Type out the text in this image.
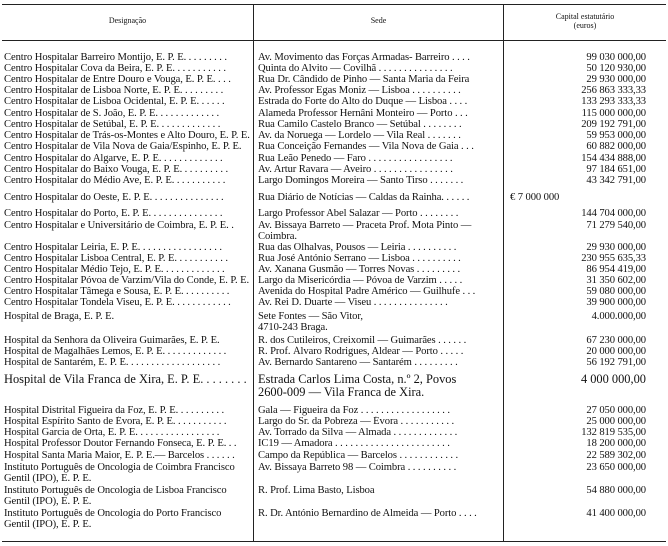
Designação	Sede	Capital estatutário
(euros)
Centro Hospitalar Barreiro Montijo, E. P. E. . . . . . . . .	Av. Movimento das Forças Armadas- Barreiro . . . .	99 030 000,00
Centro Hospitalar Cova da Beira, E. P. E. . . . . . . . . . .	Quinta do Alvito — Covilhã . . . . . . . . . . . . . . .	50 120 930,00
Centro Hospitalar de Entre Douro e Vouga, E. P. E. . . .	Rua Dr. Cândido de Pinho — Santa Maria da Feira	29 930 000,00
Centro Hospitalar de Lisboa Norte, E. P. E. . . . . . . . .	Av. Professor Egas Moniz — Lisboa . . . . . . . . . .	256 863 333,33
Centro Hospitalar de Lisboa Ocidental, E. P. E. . . . . .	Estrada do Forte do Alto do Duque — Lisboa . . . .	133 293 333,33
Centro Hospitalar de S. João, E. P. E. . . . . . . . . . . . .	Alameda Professor Hernâni Monteiro — Porto . . .	115 000 000,00
Centro Hospitalar de Setúbal, E. P. E. . . . . . . . . . . . .	Rua Camilo Castelo Branco — Setúbal . . . . . . . .	209 192 791,00
Centro Hospitalar de Trás-os-Montes e Alto Douro, E. P. E. Av. da Noruega — Lordelo — Vila Real . . . . . . .	59 953 000,00
Centro Hospitalar de Vila Nova de Gaia/Espinho, E. P. E.	Rua Conceição Fernandes — Vila Nova de Gaia . . .	60 882 000,00
Centro Hospitalar do Algarve, E. P. E. . . . . . . . . . . . .	Rua Leão Penedo — Faro . . . . . . . . . . . . . . . . .	154 434 888,00
Centro Hospitalar do Baixo Vouga, E. P. E. . . . . . . . . .	Av. Artur Ravara — Aveiro . . . . . . . . . . . . . . . .	97 184 651,00
Centro Hospitalar do Médio Ave, E. P. E. . . . . . . . . . .	Largo Domingos Moreira — Santo Tirso . . . . . . .	43 342 791,00
Centro Hospitalar do Oeste, E. P. E. . . . . . . . . . . . . . .	Rua Diário de Notícias — Caldas da Rainha. . . . . .	€ 7 000 000
Centro Hospitalar do Porto, E. P. E. . . . . . . . . . . . . . .	Largo Professor Abel Salazar — Porto . . . . . . . .	144 704 000,00
Centro Hospitalar e Universitário de Coimbra, E. P. E. .	Av. Bissaya Barreto — Praceta Prof. Mota Pinto —
Coimbra.
71 279 540,00
Centro Hospitalar Leiria, E. P. E. . . . . . . . . . . . . . . . .	Rua das Olhalvas, Pousos — Leiria . . . . . . . . . .	29 930 000,00
Centro Hospitalar Lisboa Central, E. P. E. . . . . . . . . . .	Rua José António Serrano — Lisboa . . . . . . . . . .	230 955 635,33
Centro Hospitalar Médio Tejo, E. P. E. . . . . . . . . . . . .	Av. Xanana Gusmão — Torres Novas . . . . . . . . .	86 954 419,00
Centro Hospitalar Póvoa de Varzim/Vila do Conde, E. P. E. Largo da Misericórdia — Póvoa de Varzim . . . . .	31 350 602,00
Centro Hospitalar Tâmega e Sousa, E. P. E. . . . . . . . . .	Avenida do Hospital Padre Américo — Guilhufe . . .	59 080 000,00
Centro Hospitalar Tondela Viseu, E. P. E. . . . . . . . . . . .	Av. Rei D. Duarte — Viseu . . . . . . . . . . . . . . .	39 900 000,00
Hospital de Braga, E. P. E.	Sete Fontes — São Vitor,
4710-243 Braga.
4.000.000,00
Hospital da Senhora da Oliveira Guimarães, E. P. E.	R. dos Cutileiros, Creixomil — Guimarães . . . . . .	67 230 000,00
Hospital de Magalhães Lemos, E. P. E. . . . . . . . . . . . .	R. Prof. Álvaro Rodrigues, Aldear — Porto . . . . .	20 000 000,00
Hospital de Santarém, E. P. E. . . . . . . . . . . . . . . . . . .	Av. Bernardo Santareno — Santarém . . . . . . . . .	56 192 791,00
Hospital de Vila Franca de Xira, E. P. E. . . . . . . . Estrada Carlos Lima Costa, n.º 2, Povos
2600-009 — Vila Franca de Xira.
4 000 000,00
Hospital Distrital Figueira da Foz, E. P. E. . . . . . . . . .	Gala — Figueira da Foz . . . . . . . . . . . . . . . . . .	27 050 000,00
Hospital Espírito Santo de Évora, E. P. E. . . . . . . . . . .	Largo do Sr. da Pobreza — Évora . . . . . . . . . . .	25 000 000,00
Hospital Garcia de Orta, E. P. E. . . . . . . . . . . . . . . . .	Av. Torrado da Silva — Almada . . . . . . . . . . . . .	132 819 535,00
Hospital Professor Doutor Fernando Fonseca, E. P. E. . .	IC19 — Amadora . . . . . . . . . . . . . . . . . . . . . . .	18 200 000,00
Hospital Santa Maria Maior, E. P. E.— Barcelos . . . . . .	Campo da República — Barcelos . . . . . . . . . . . .	22 589 302,00
Instituto Português de Oncologia de Coimbra Francisco
Gentil (IPO), E. P. E.
Av. Bissaya Barreto 98 — Coimbra . . . . . . . . . .	23 650 000,00
Instituto Português de Oncologia de Lisboa Francisco
Gentil (IPO), E. P. E.
R. Prof. Lima Basto, Lisboa	54 880 000,00
Instituto Português de Oncologia do Porto Francisco
Gentil (IPO), E. P. E.
R. Dr. António Bernardino de Almeida — Porto . . . .	41 400 000,00
